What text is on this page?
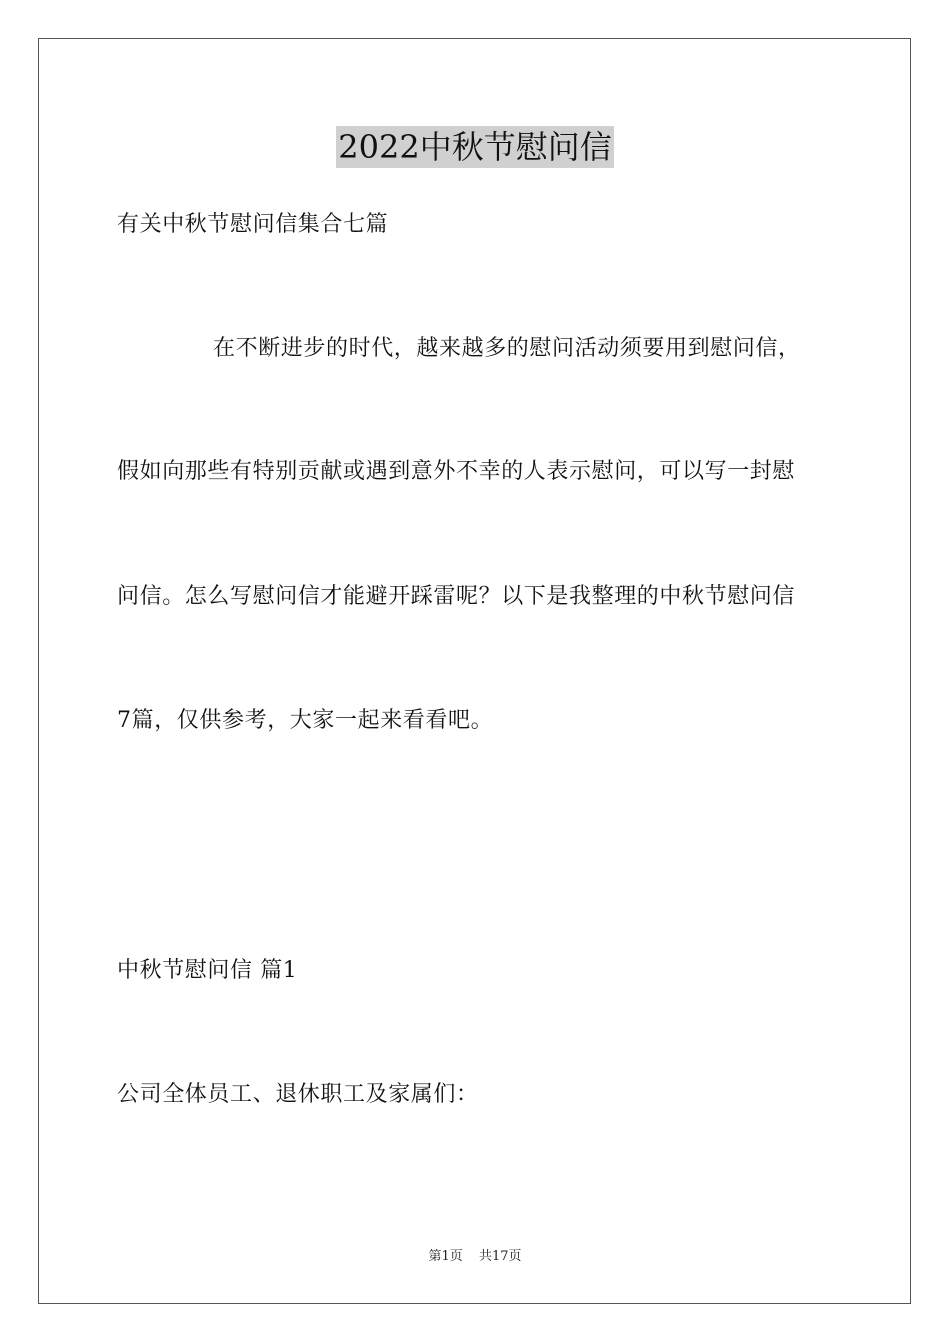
2022中秋节慰问信
有关中秋节慰问信集合七篇
在不断进步的时代，越来越多的慰问活动须要用到慰问信，
假如向那些有特别贡献或遇到意外不幸的人表示慰问，可以写一封慰
问信。怎么写慰问信才能避开踩雷呢？以下是我整理的中秋节慰问信
7篇，仅供参考，大家一起来看看吧。
中秋节慰问信 篇1
公司全体员工、退休职工及家属们：
第1页 共17页
